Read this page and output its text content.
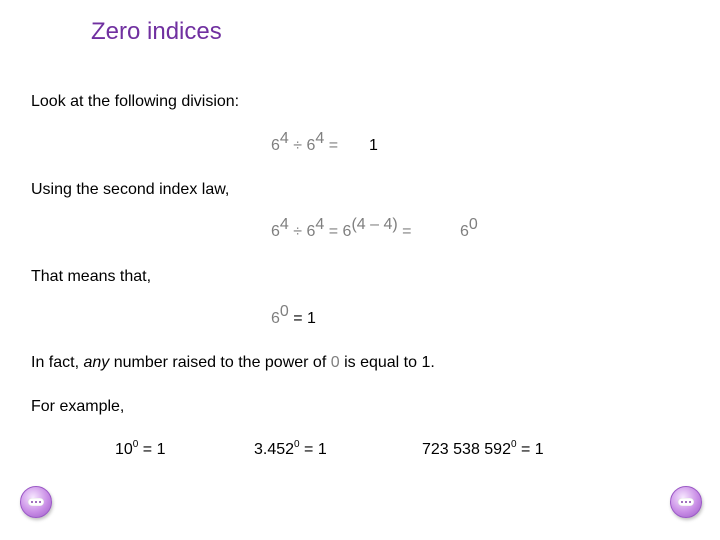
Zero indices
Look at the following division:
$6^4 \div 6^4 = 1$
Using the second index law,
$6^4 \div 6^4 = 6^{(4 - 4)}$ =	$6^0$
That means that,
$6^0 = 1$
In fact, any number raised to the power of 0 is equal to 1.
For example,
$10^0 = 1$	$3.452^0 = 1$	723 538 $592^0 = 1$
